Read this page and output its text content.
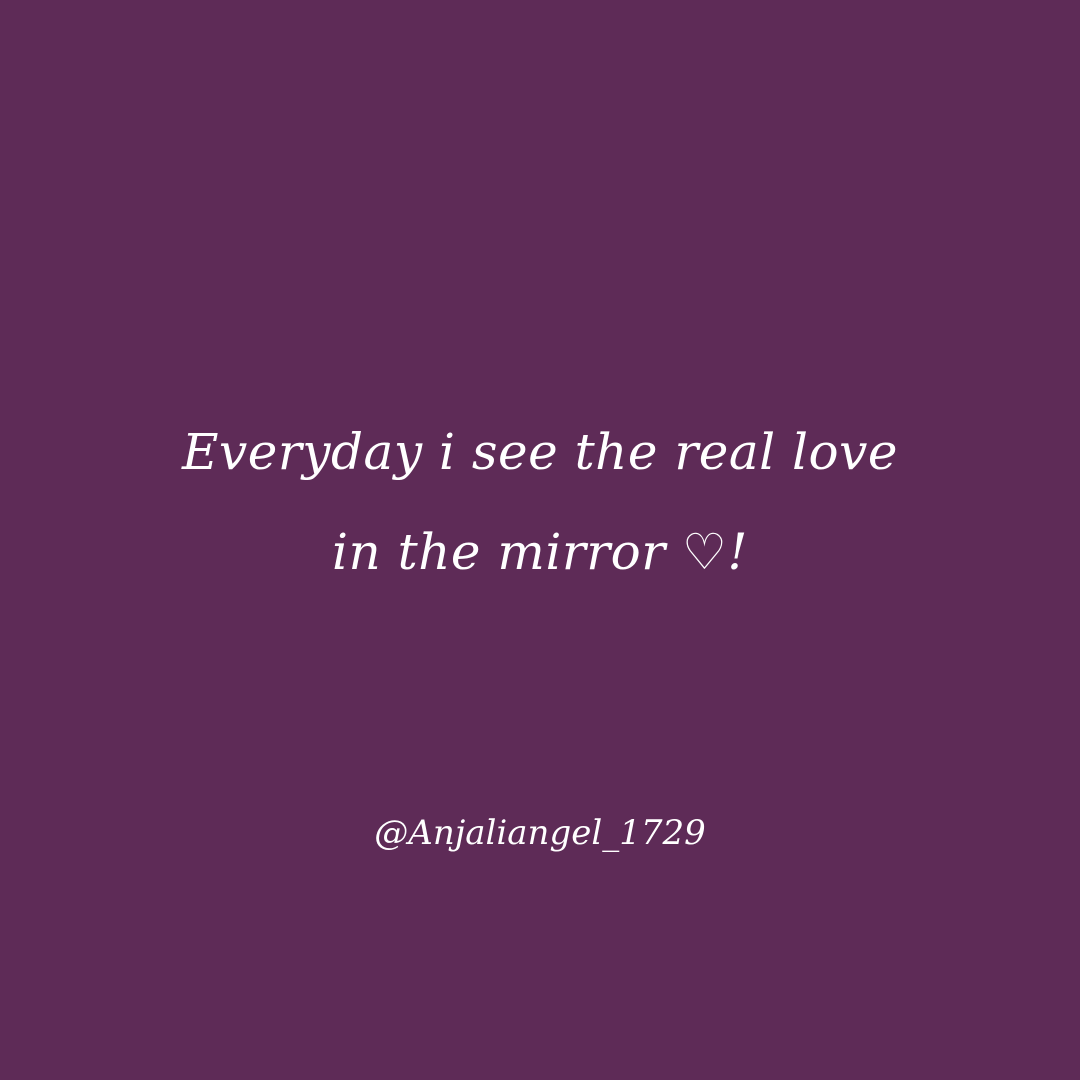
Everyday i see the real love
in the mirror ♡!
@Anjaliangel_1729
